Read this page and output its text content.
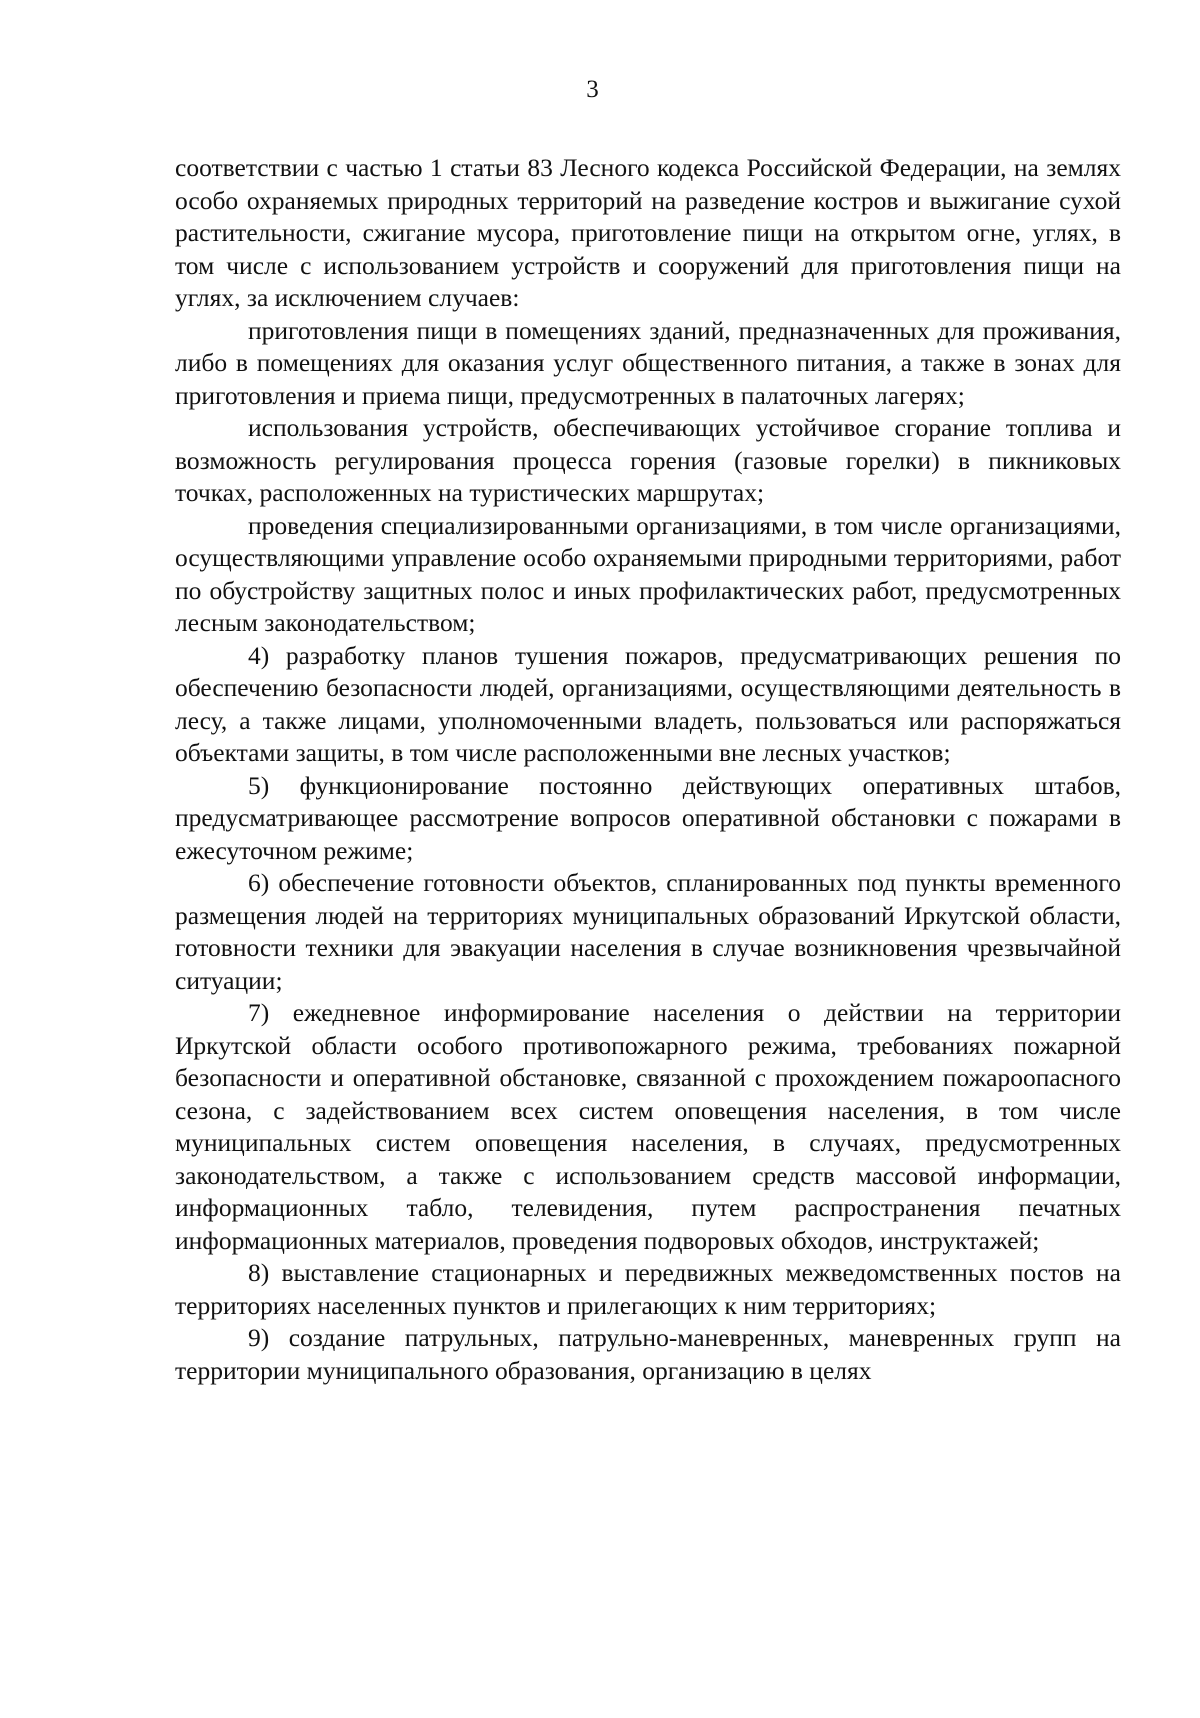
3

соответствии с частью 1 статьи 83 Лесного кодекса Российской Федерации, на землях особо охраняемых природных территорий на разведение костров и выжигание сухой растительности, сжигание мусора, приготовление пищи на открытом огне, углях, в том числе с использованием устройств и сооружений для приготовления пищи на углях, за исключением случаев:

приготовления пищи в помещениях зданий, предназначенных для проживания, либо в помещениях для оказания услуг общественного питания, а также в зонах для приготовления и приема пищи, предусмотренных в палаточных лагерях;

использования устройств, обеспечивающих устойчивое сгорание топлива и возможность регулирования процесса горения (газовые горелки) в пикниковых точках, расположенных на туристических маршрутах;

проведения специализированными организациями, в том числе организациями, осуществляющими управление особо охраняемыми природными территориями, работ по обустройству защитных полос и иных профилактических работ, предусмотренных лесным законодательством;

4) разработку планов тушения пожаров, предусматривающих решения по обеспечению безопасности людей, организациями, осуществляющими деятельность в лесу, а также лицами, уполномоченными владеть, пользоваться или распоряжаться объектами защиты, в том числе расположенными вне лесных участков;

5) функционирование постоянно действующих оперативных штабов, предусматривающее рассмотрение вопросов оперативной обстановки с пожарами в ежесуточном режиме;

6) обеспечение готовности объектов, спланированных под пункты временного размещения людей на территориях муниципальных образований Иркутской области, готовности техники для эвакуации населения в случае возникновения чрезвычайной ситуации;

7) ежедневное информирование населения о действии на территории Иркутской области особого противопожарного режима, требованиях пожарной безопасности и оперативной обстановке, связанной с прохождением пожароопасного сезона, с задействованием всех систем оповещения населения, в том числе муниципальных систем оповещения населения, в случаях, предусмотренных законодательством, а также с использованием средств массовой информации, информационных табло, телевидения, путем распространения печатных информационных материалов, проведения подворовых обходов, инструктажей;

8) выставление стационарных и передвижных межведомственных постов на территориях населенных пунктов и прилегающих к ним территориях;

9) создание патрульных, патрульно-маневренных, маневренных групп на территории муниципального образования, организацию в целях
